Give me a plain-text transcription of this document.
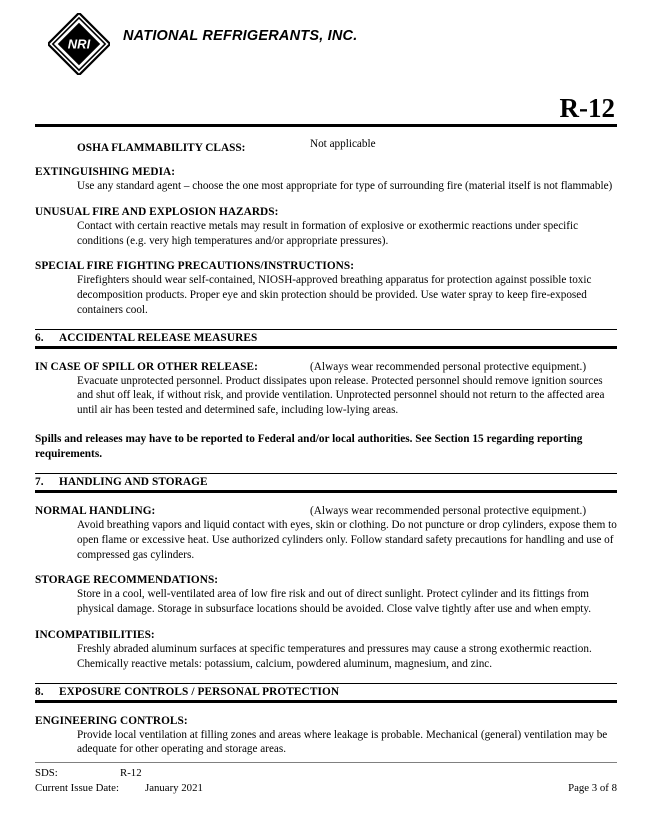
NRI NATIONAL REFRIGERANTS, INC.
R-12
OSHA FLAMMABILITY CLASS:	Not applicable
EXTINGUISHING MEDIA:
Use any standard agent – choose the one most appropriate for type of surrounding fire (material itself is not flammable)
UNUSUAL FIRE AND EXPLOSION HAZARDS:
Contact with certain reactive metals may result in formation of explosive or exothermic reactions under specific conditions (e.g. very high temperatures and/or appropriate pressures).
SPECIAL FIRE FIGHTING PRECAUTIONS/INSTRUCTIONS:
Firefighters should wear self-contained, NIOSH-approved breathing apparatus for protection against possible toxic decomposition products. Proper eye and skin protection should be provided. Use water spray to keep fire-exposed containers cool.
6. ACCIDENTAL RELEASE MEASURES
IN CASE OF SPILL OR OTHER RELEASE:	(Always wear recommended personal protective equipment.)
Evacuate unprotected personnel. Product dissipates upon release. Protected personnel should remove ignition sources and shut off leak, if without risk, and provide ventilation. Unprotected personnel should not return to the affected area until air has been tested and determined safe, including low-lying areas.
Spills and releases may have to be reported to Federal and/or local authorities. See Section 15 regarding reporting requirements.
7. HANDLING AND STORAGE
NORMAL HANDLING:	(Always wear recommended personal protective equipment.)
Avoid breathing vapors and liquid contact with eyes, skin or clothing. Do not puncture or drop cylinders, expose them to open flame or excessive heat. Use authorized cylinders only. Follow standard safety precautions for handling and use of compressed gas cylinders.
STORAGE RECOMMENDATIONS:
Store in a cool, well-ventilated area of low fire risk and out of direct sunlight. Protect cylinder and its fittings from physical damage. Storage in subsurface locations should be avoided. Close valve tightly after use and when empty.
INCOMPATIBILITIES:
Freshly abraded aluminum surfaces at specific temperatures and pressures may cause a strong exothermic reaction. Chemically reactive metals: potassium, calcium, powdered aluminum, magnesium, and zinc.
8. EXPOSURE CONTROLS / PERSONAL PROTECTION
ENGINEERING CONTROLS:
Provide local ventilation at filling zones and areas where leakage is probable. Mechanical (general) ventilation may be adequate for other operating and storage areas.
SDS:	R-12
Current Issue Date: January 2021	Page 3 of 8
